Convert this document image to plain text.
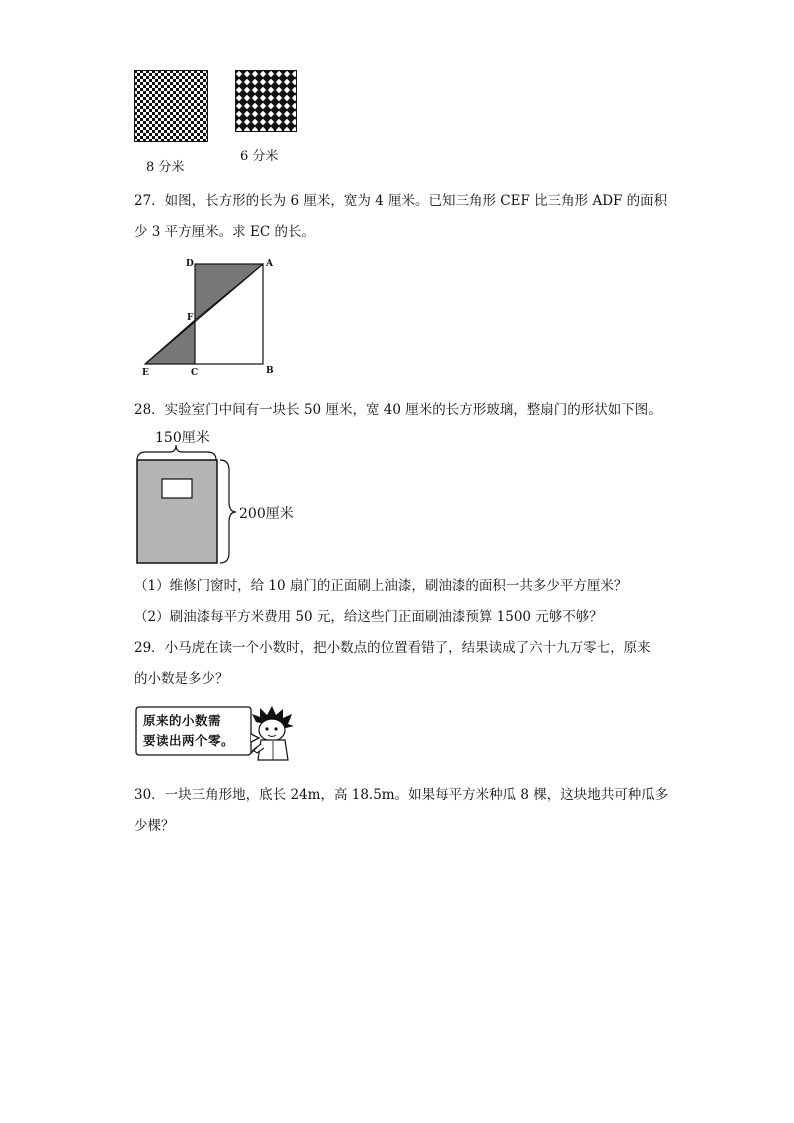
8 分米
6 分米
27．如图，长方形的长为 6 厘米，宽为 4 厘米。已知三角形 CEF 比三角形 ADF 的面积
少 3 平方厘米。求 EC 的长。
D	A
F
E	C	B
28．实验室门中间有一块长 50 厘米，宽 40 厘米的长方形玻璃，整扇门的形状如下图。
150厘米
200厘米
（1）维修门窗时，给 10 扇门的正面刷上油漆，刷油漆的面积一共多少平方厘米？
（2）刷油漆每平方米费用 50 元，给这些门正面刷油漆预算 1500 元够不够？
29．小马虎在读一个小数时，把小数点的位置看错了，结果读成了六十九万零七，原来
的小数是多少？
原来的小数需
要读出两个零。
30．一块三角形地，底长 24m，高 18.5m。如果每平方米种瓜 8 棵，这块地共可种瓜多
少棵？
